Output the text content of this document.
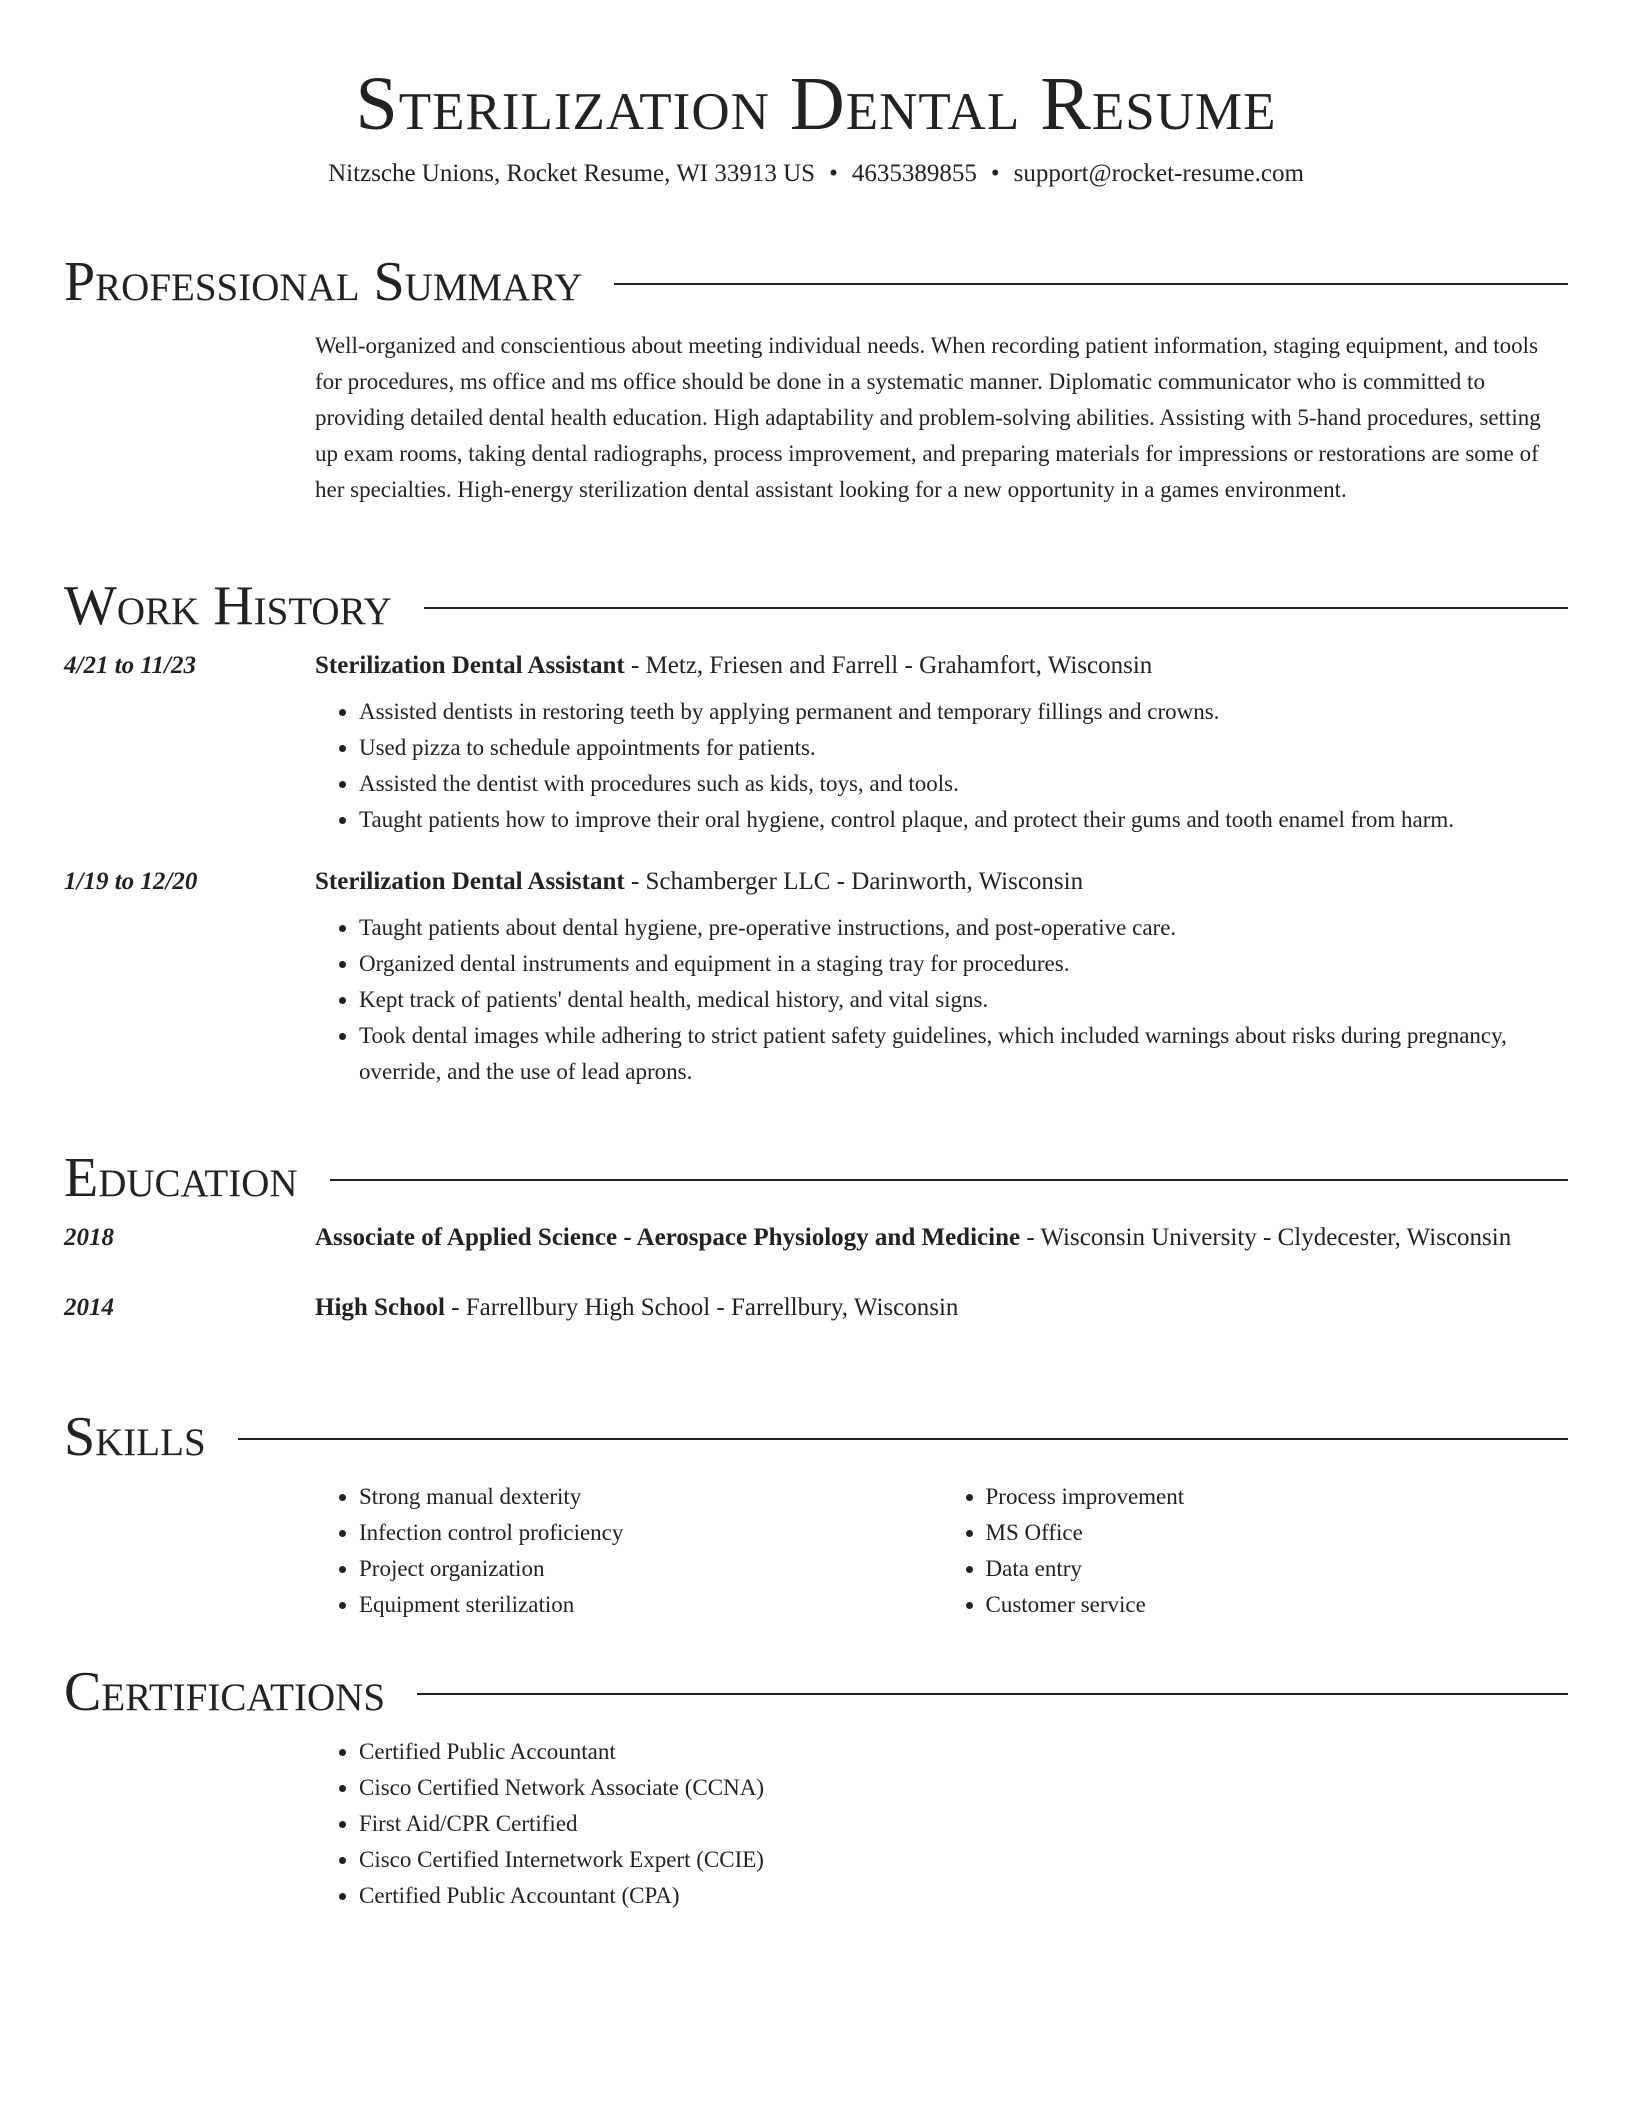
Sterilization Dental Resume
Nitzsche Unions, Rocket Resume, WI 33913 US • 4635389855 • support@rocket-resume.com
Professional Summary
Well-organized and conscientious about meeting individual needs. When recording patient information, staging equipment, and tools for procedures, ms office and ms office should be done in a systematic manner. Diplomatic communicator who is committed to providing detailed dental health education. High adaptability and problem-solving abilities. Assisting with 5-hand procedures, setting up exam rooms, taking dental radiographs, process improvement, and preparing materials for impressions or restorations are some of her specialties. High-energy sterilization dental assistant looking for a new opportunity in a games environment.
Work History
4/21 to 11/23	Sterilization Dental Assistant - Metz, Friesen and Farrell - Grahamfort, Wisconsin
• Assisted dentists in restoring teeth by applying permanent and temporary fillings and crowns.
• Used pizza to schedule appointments for patients.
• Assisted the dentist with procedures such as kids, toys, and tools.
• Taught patients how to improve their oral hygiene, control plaque, and protect their gums and tooth enamel from harm.
1/19 to 12/20	Sterilization Dental Assistant - Schamberger LLC - Darinworth, Wisconsin
• Taught patients about dental hygiene, pre-operative instructions, and post-operative care.
• Organized dental instruments and equipment in a staging tray for procedures.
• Kept track of patients' dental health, medical history, and vital signs.
• Took dental images while adhering to strict patient safety guidelines, which included warnings about risks during pregnancy, override, and the use of lead aprons.
Education
2018	Associate of Applied Science - Aerospace Physiology and Medicine - Wisconsin University - Clydecester, Wisconsin
2014	High School - Farrellbury High School - Farrellbury, Wisconsin
Skills
• Strong manual dexterity
• Infection control proficiency
• Project organization
• Equipment sterilization
• Process improvement
• MS Office
• Data entry
• Customer service
Certifications
• Certified Public Accountant
• Cisco Certified Network Associate (CCNA)
• First Aid/CPR Certified
• Cisco Certified Internetwork Expert (CCIE)
• Certified Public Accountant (CPA)
